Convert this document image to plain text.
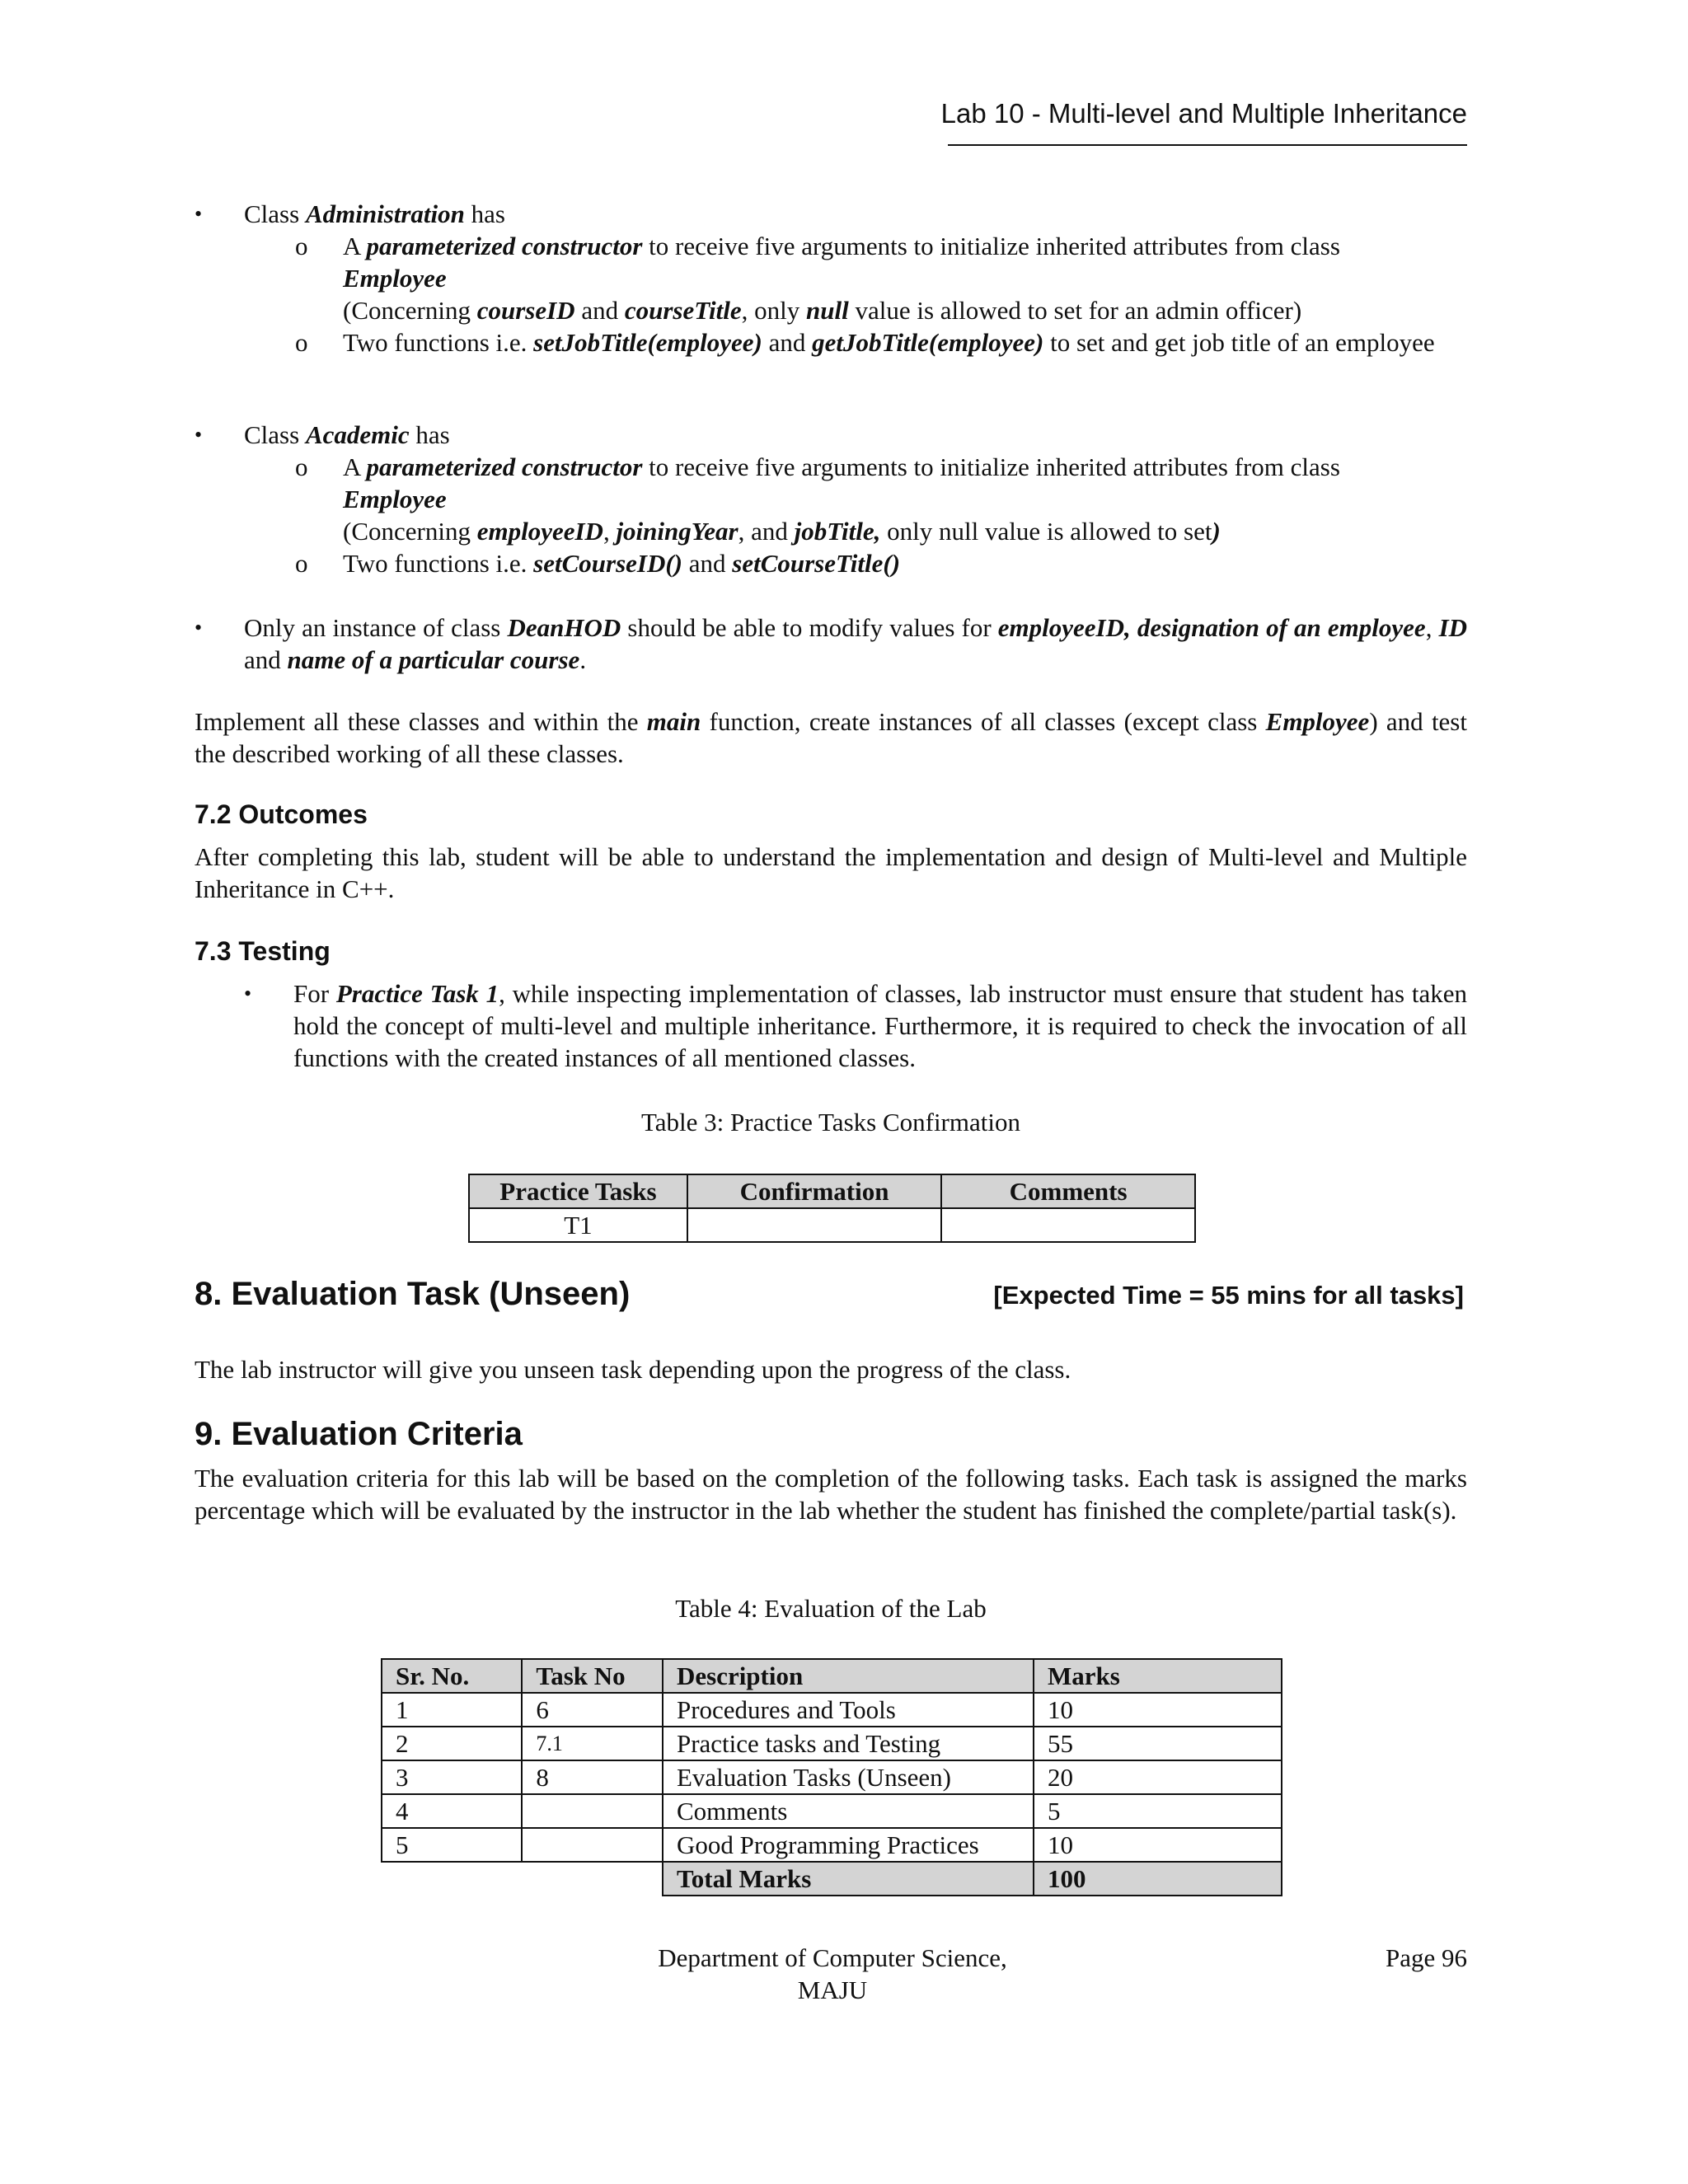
Lab 10 - Multi-level and Multiple Inheritance
• Class Administration has
o A parameterized constructor to receive five arguments to initialize inherited attributes from class
Employee
(Concerning courseID and courseTitle, only null value is allowed to set for an admin officer)
o Two functions i.e. setJobTitle(employee) and getJobTitle(employee) to set and get job title of an employee
• Class Academic has
o A parameterized constructor to receive five arguments to initialize inherited attributes from class
Employee
(Concerning employeeID, joiningYear, and jobTitle, only null value is allowed to set)
o Two functions i.e. setCourseID() and setCourseTitle()
• Only an instance of class DeanHOD should be able to modify values for employeeID, designation of an employee, ID and name of a particular course.
Implement all these classes and within the main function, create instances of all classes (except class Employee) and test the described working of all these classes.
7.2 Outcomes
After completing this lab, student will be able to understand the implementation and design of Multi-level and Multiple Inheritance in C++.
7.3 Testing
• For Practice Task 1, while inspecting implementation of classes, lab instructor must ensure that student has taken hold the concept of multi-level and multiple inheritance. Furthermore, it is required to check the invocation of all functions with the created instances of all mentioned classes.
Table 3: Practice Tasks Confirmation
Practice Tasks	Confirmation	Comments
T1		
8. Evaluation Task (Unseen)	[Expected Time = 55 mins for all tasks]
The lab instructor will give you unseen task depending upon the progress of the class.
9. Evaluation Criteria
The evaluation criteria for this lab will be based on the completion of the following tasks. Each task is assigned the marks percentage which will be evaluated by the instructor in the lab whether the student has finished the complete/partial task(s).
Table 4: Evaluation of the Lab
Sr. No.	Task No	Description	Marks
1	6	Procedures and Tools	10
2	7.1	Practice tasks and Testing	55
3	8	Evaluation Tasks (Unseen)	20
4		Comments	5
5		Good Programming Practices	10
		Total Marks	100
Department of Computer Science,
MAJU
Page 96
